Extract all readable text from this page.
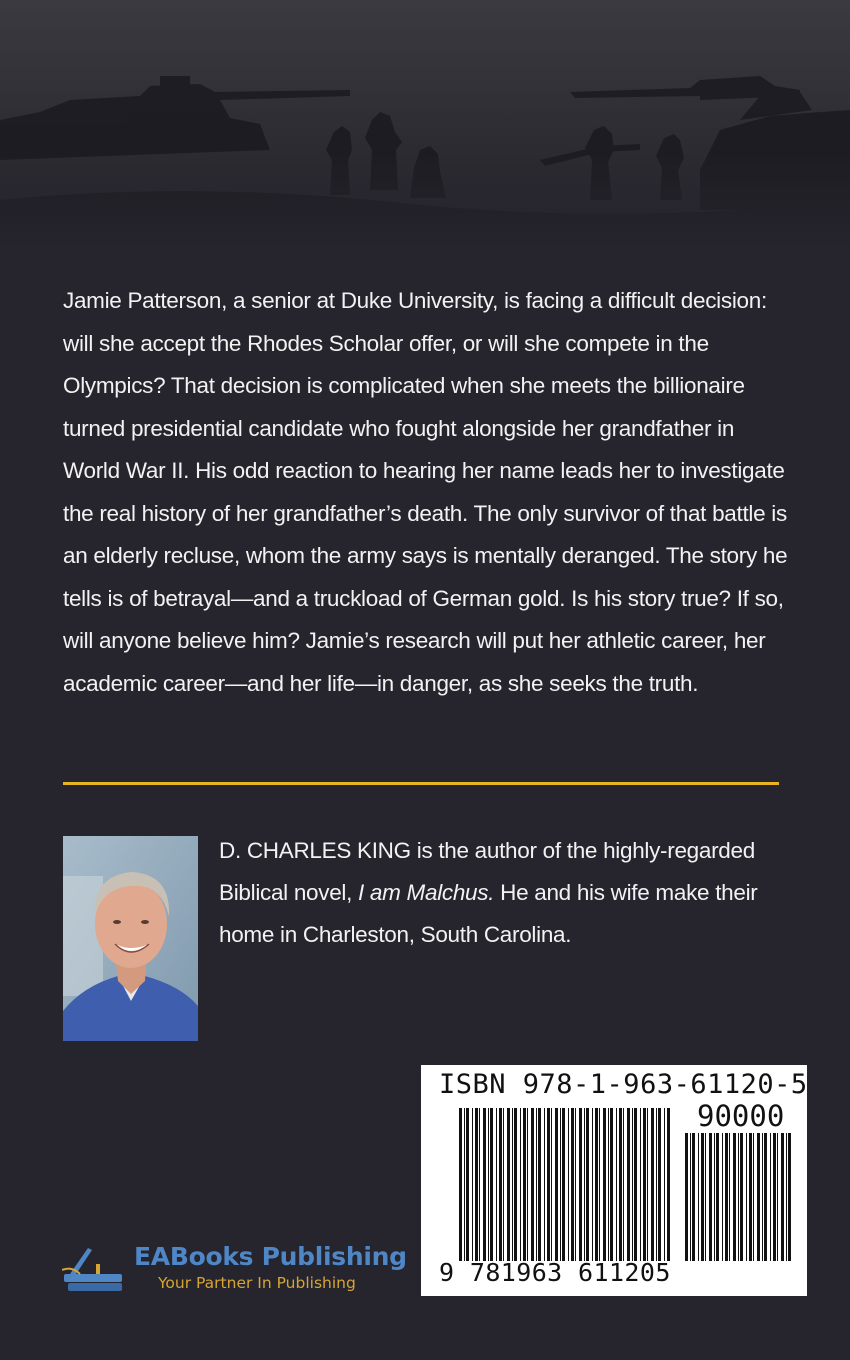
Jamie Patterson, a senior at Duke University, is facing a difficult decision: will she accept the Rhodes Scholar offer, or will she compete in the Olympics? That decision is complicated when she meets the billionaire turned presidential candidate who fought alongside her grandfather in World War II. His odd reaction to hearing her name leads her to investigate the real history of her grandfather’s death. The only survivor of that battle is an elderly recluse, whom the army says is mentally deranged. The story he tells is of betrayal—and a truckload of German gold. Is his story true? If so, will anyone believe him? Jamie’s research will put her athletic career, her academic career—and her life—in danger, as she seeks the truth.

D. CHARLES KING is the author of the highly-regarded Biblical novel, I am Malchus. He and his wife make their home in Charleston, South Carolina.

ISBN 978-1-963-61120-5
90000
9 781963 611205
EABooks Publishing
Your Partner In Publishing
